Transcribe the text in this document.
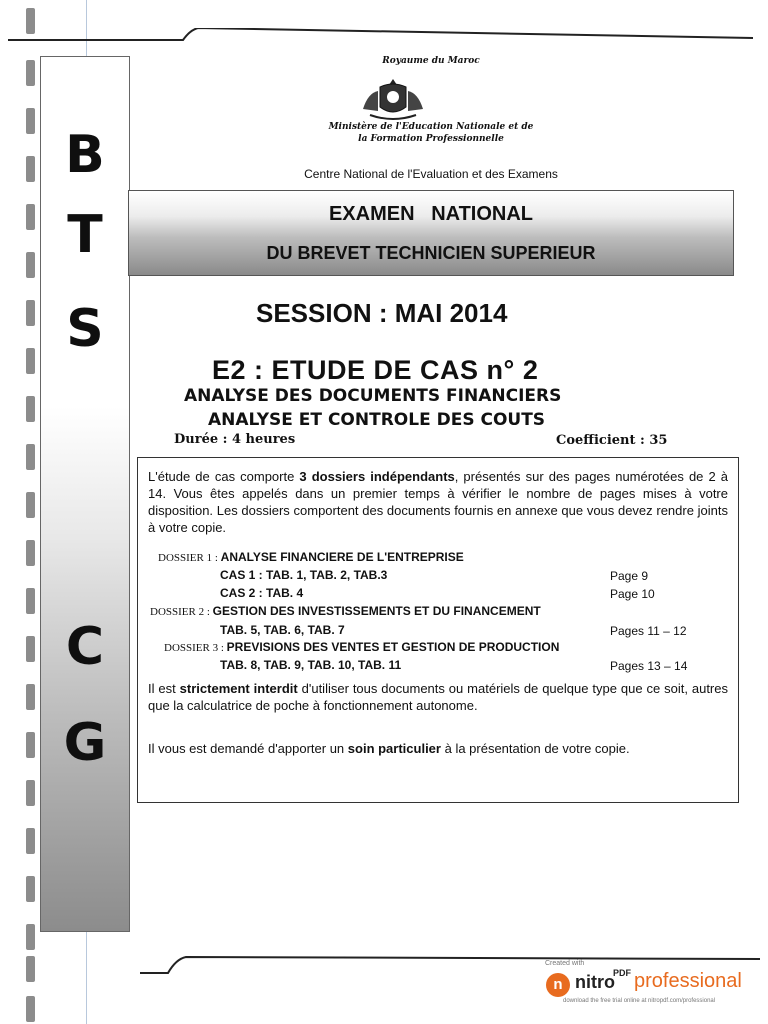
B
T
S
C
G
Royaume du Maroc
Ministère de l'Education Nationale et de
la Formation Professionnelle
Centre National de l'Evaluation et des Examens
EXAMEN   NATIONAL
DU BREVET TECHNICIEN SUPERIEUR
SESSION : MAI 2014
E2 : ETUDE DE CAS n° 2
ANALYSE DES DOCUMENTS FINANCIERS
ANALYSE ET CONTROLE DES COUTS
Durée : 4 heures	Coefficient : 35
L'étude de cas comporte 3 dossiers indépendants, présentés sur des pages numérotées de 2 à 14. Vous êtes appelés dans un premier temps à vérifier le nombre de pages mises à votre disposition. Les dossiers comportent des documents fournis en annexe que vous devez rendre joints à votre copie.
DOSSIER 1 : ANALYSE FINANCIERE DE L'ENTREPRISE
CAS 1 : TAB. 1, TAB. 2, TAB.3	Page 9
CAS 2 : TAB. 4	Page 10
DOSSIER 2 : GESTION DES INVESTISSEMENTS ET DU FINANCEMENT
TAB. 5, TAB. 6, TAB. 7	Pages 11 – 12
DOSSIER 3 : PREVISIONS DES VENTES ET GESTION DE PRODUCTION
TAB. 8, TAB. 9, TAB. 10, TAB. 11	Pages 13 – 14
Il est strictement interdit d'utiliser tous documents ou matériels de quelque type que ce soit, autres que la calculatrice de poche à fonctionnement autonome.
Il vous est demandé d'apporter un soin particulier à la présentation de votre copie.
Created with
n nitro
PDF professional
download the free trial online at nitropdf.com/professional
